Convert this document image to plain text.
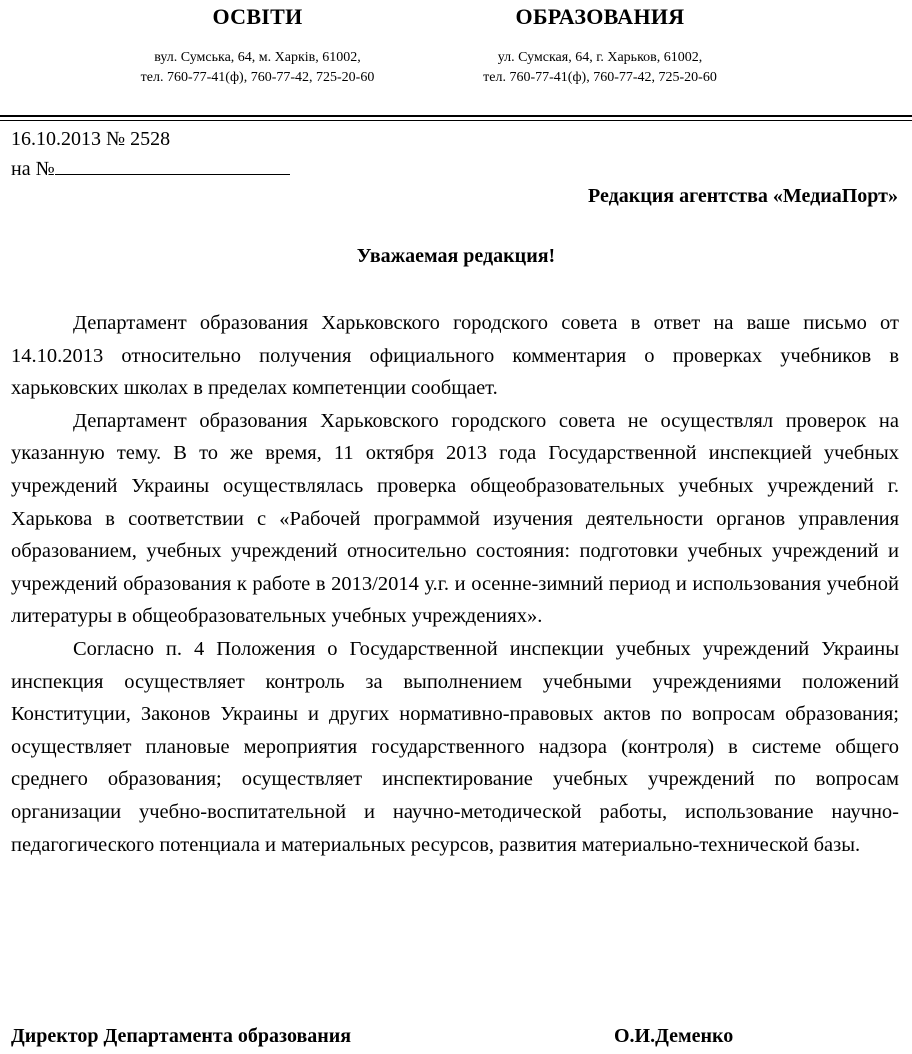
ОСВІТИ
вул. Сумська, 64, м. Харків, 61002,
тел. 760-77-41(ф), 760-77-42, 725-20-60
ОБРАЗОВАНИЯ
ул. Сумская, 64, г. Харьков, 61002,
тел. 760-77-41(ф), 760-77-42, 725-20-60
16.10.2013 № 2528
на №
Редакция агентства «МедиаПорт»
Уважаемая редакция!

Департамент образования Харьковского городского совета в ответ на ваше письмо от 14.10.2013 относительно получения официального комментария о проверках учебников в харьковских школах в пределах компетенции сообщает.

Департамент образования Харьковского городского совета не осуществлял проверок на указанную тему. В то же время, 11 октября 2013 года Государственной инспекцией учебных учреждений Украины осуществлялась проверка общеобразовательных учебных учреждений г. Харькова в соответствии с «Рабочей программой изучения деятельности органов управления образованием, учебных учреждений относительно состояния: подготовки учебных учреждений и учреждений образования к работе в 2013/2014 у.г. и осенне-зимний период и использования учебной литературы в общеобразовательных учебных учреждениях».

Согласно п. 4 Положения о Государственной инспекции учебных учреждений Украины инспекция осуществляет контроль за выполнением учебными учреждениями положений Конституции, Законов Украины и других нормативно-правовых актов по вопросам образования; осуществляет плановые мероприятия государственного надзора (контроля) в системе общего среднего образования; осуществляет инспектирование учебных учреждений по вопросам организации учебно-воспитательной и научно-методической работы, использование научно-педагогического потенциала и материальных ресурсов, развития материально-технической базы.

Директор Департамента образования	О.И.Деменко
